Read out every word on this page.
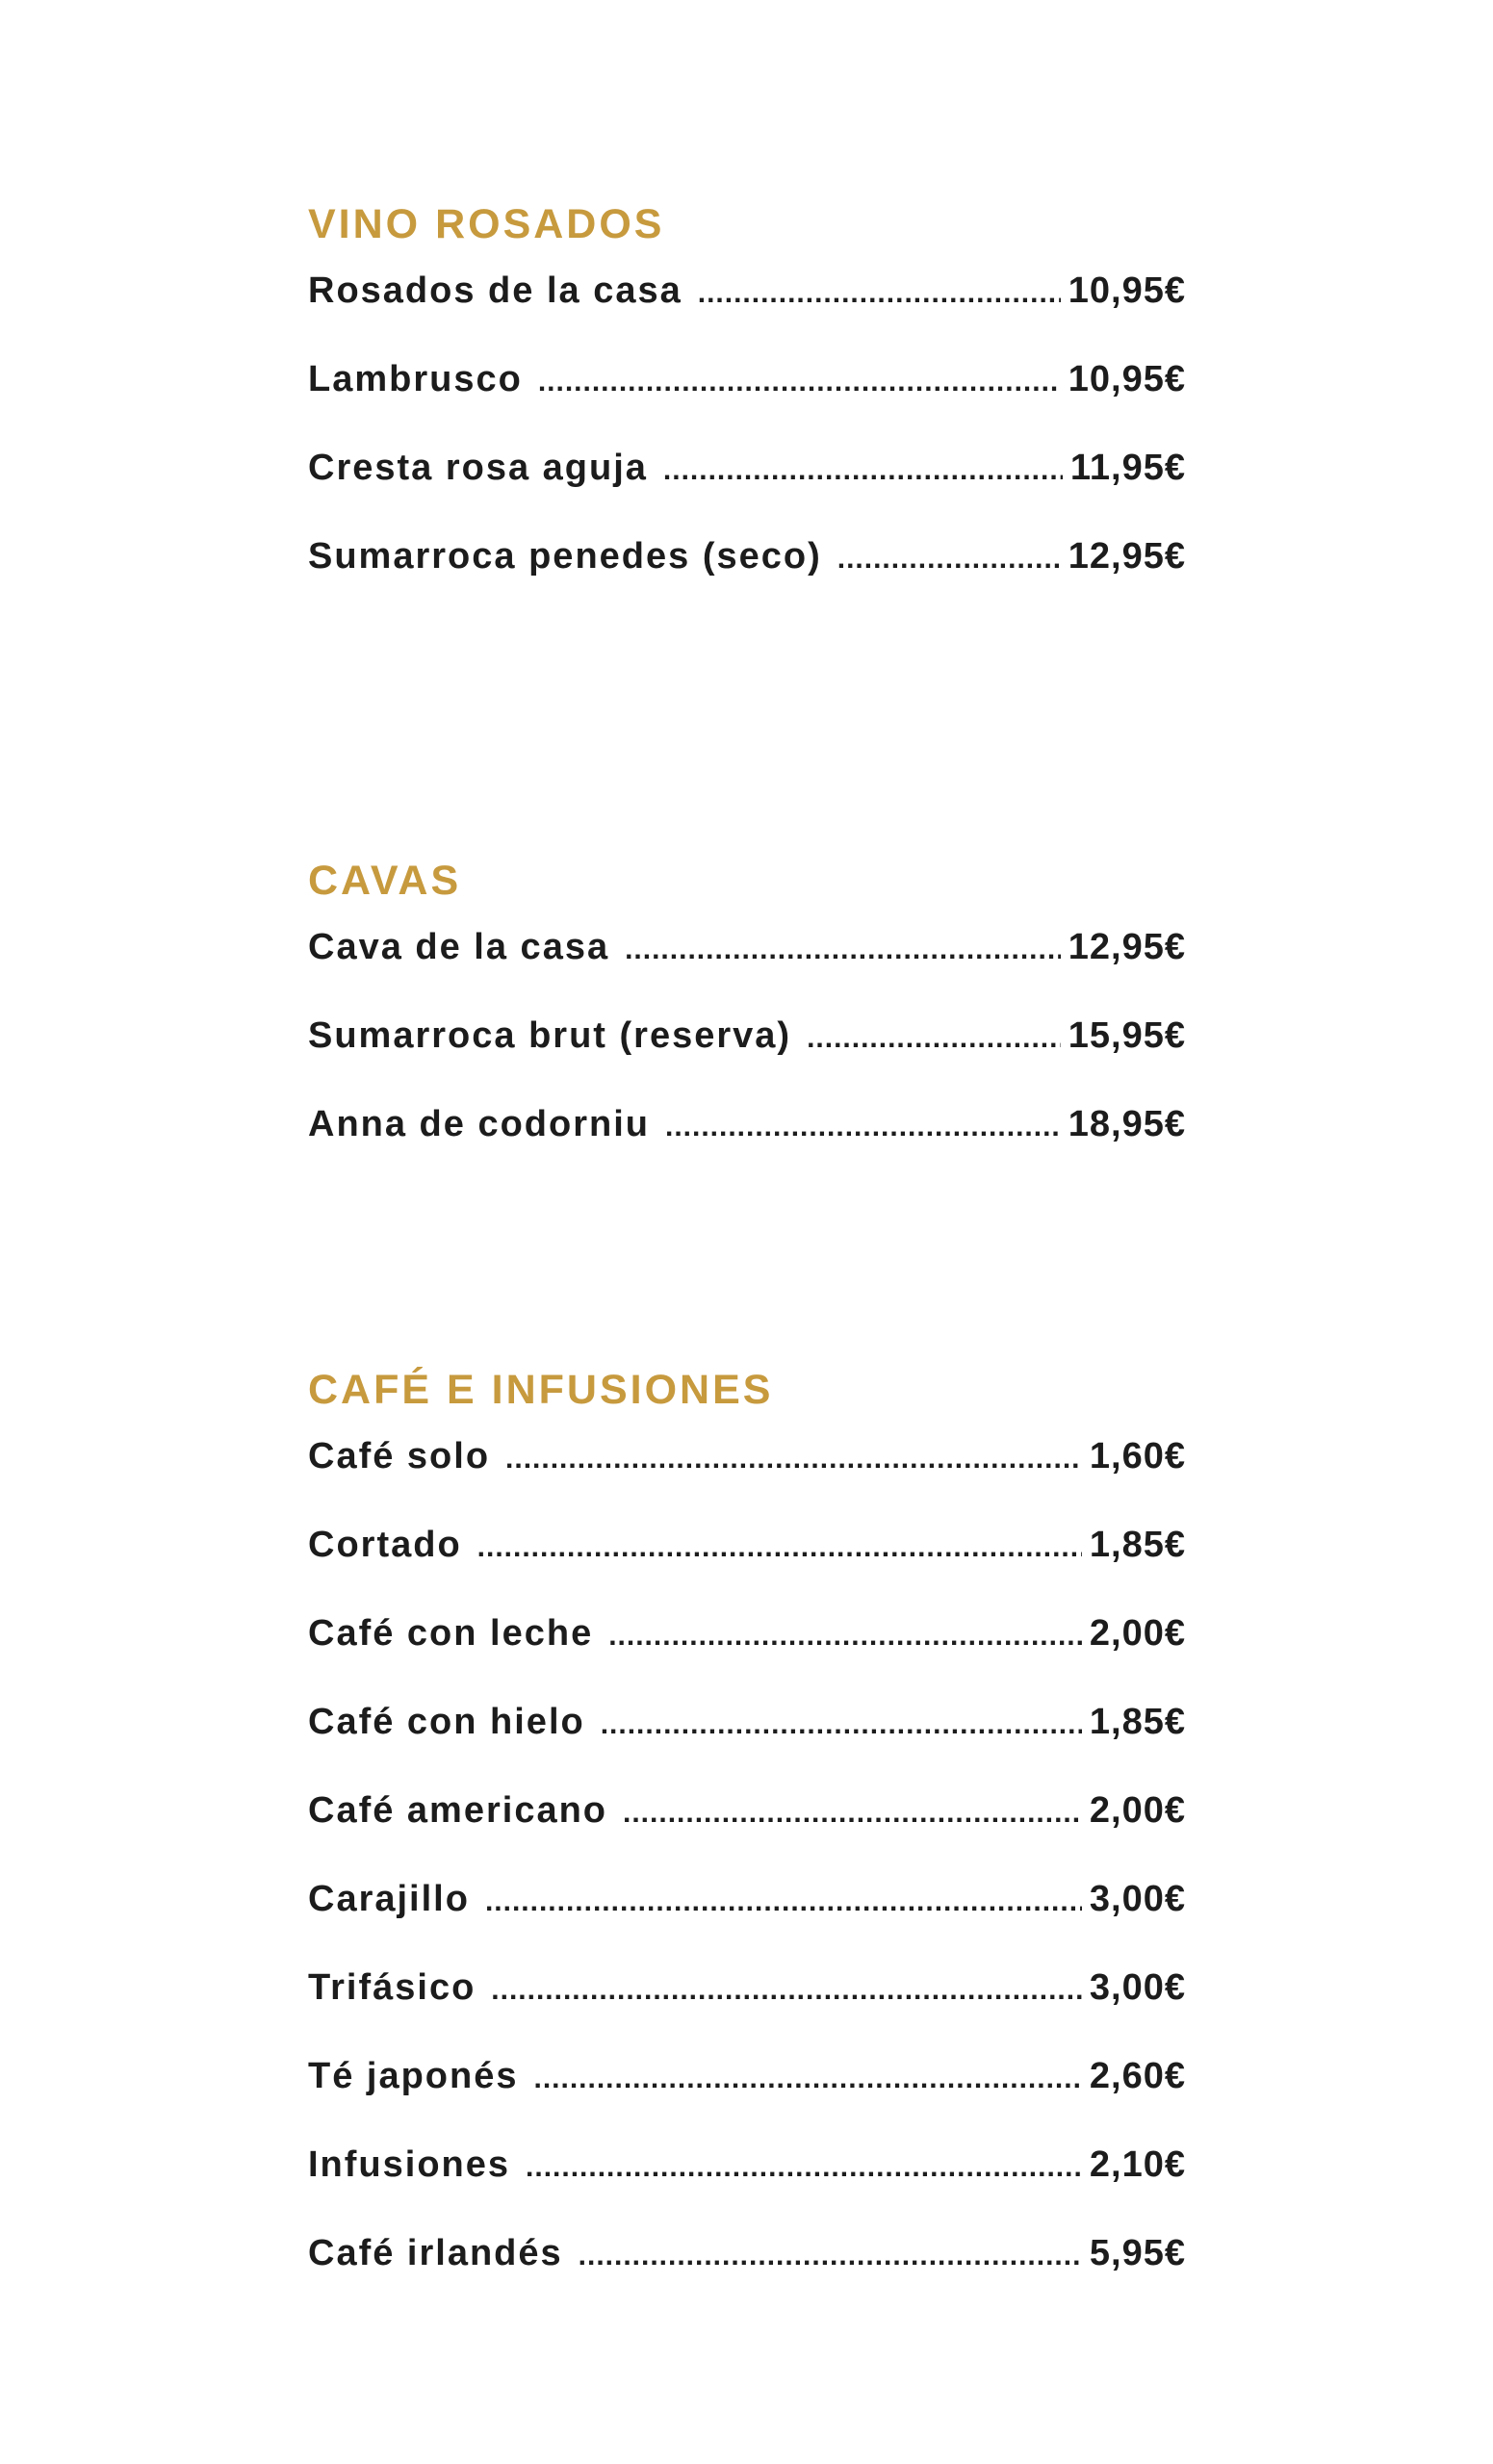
VINO ROSADOS
Rosados de la casa .....	10,95€
Lambrusco .....	10,95€
Cresta rosa aguja .....	11,95€
Sumarroca penedes (seco) .....	12,95€
CAVAS
Cava de la casa .....	12,95€
Sumarroca brut (reserva) .....	15,95€
Anna de codorniu .....	18,95€
CAFÉ E INFUSIONES
Café solo .....	1,60€
Cortado .....	1,85€
Café con leche .....	2,00€
Café con hielo .....	1,85€
Café americano .....	2,00€
Carajillo .....	3,00€
Trifásico .....	3,00€
Té japonés .....	2,60€
Infusiones .....	2,10€
Café irlandés .....	5,95€
